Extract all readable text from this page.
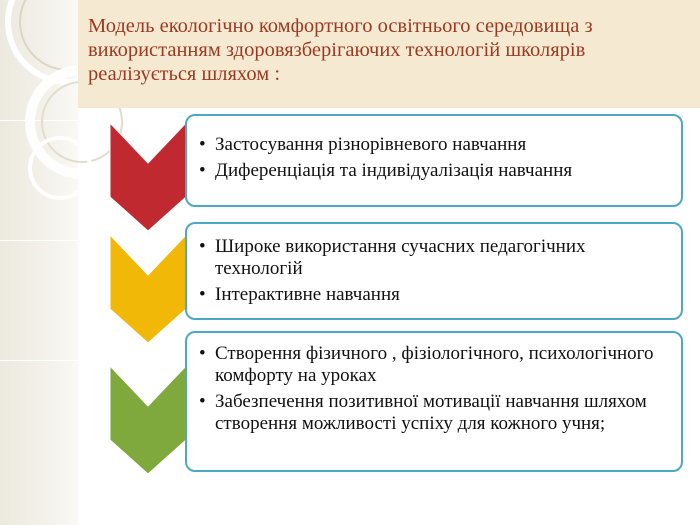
Модель екологічно комфортного освітнього середовища з використанням здоровязберігаючих технологій школярів реалізується шляхом :
• Застосування різнорівневого навчання
• Диференціація та індивідуалізація навчання
• Широке використання сучасних педагогічних технологій
• Інтерактивне навчання
• Створення фізичного , фізіологічного, психологічного комфорту на уроках
• Забезпечення позитивної мотивації навчання шляхом створення можливості успіху для кожного учня;
